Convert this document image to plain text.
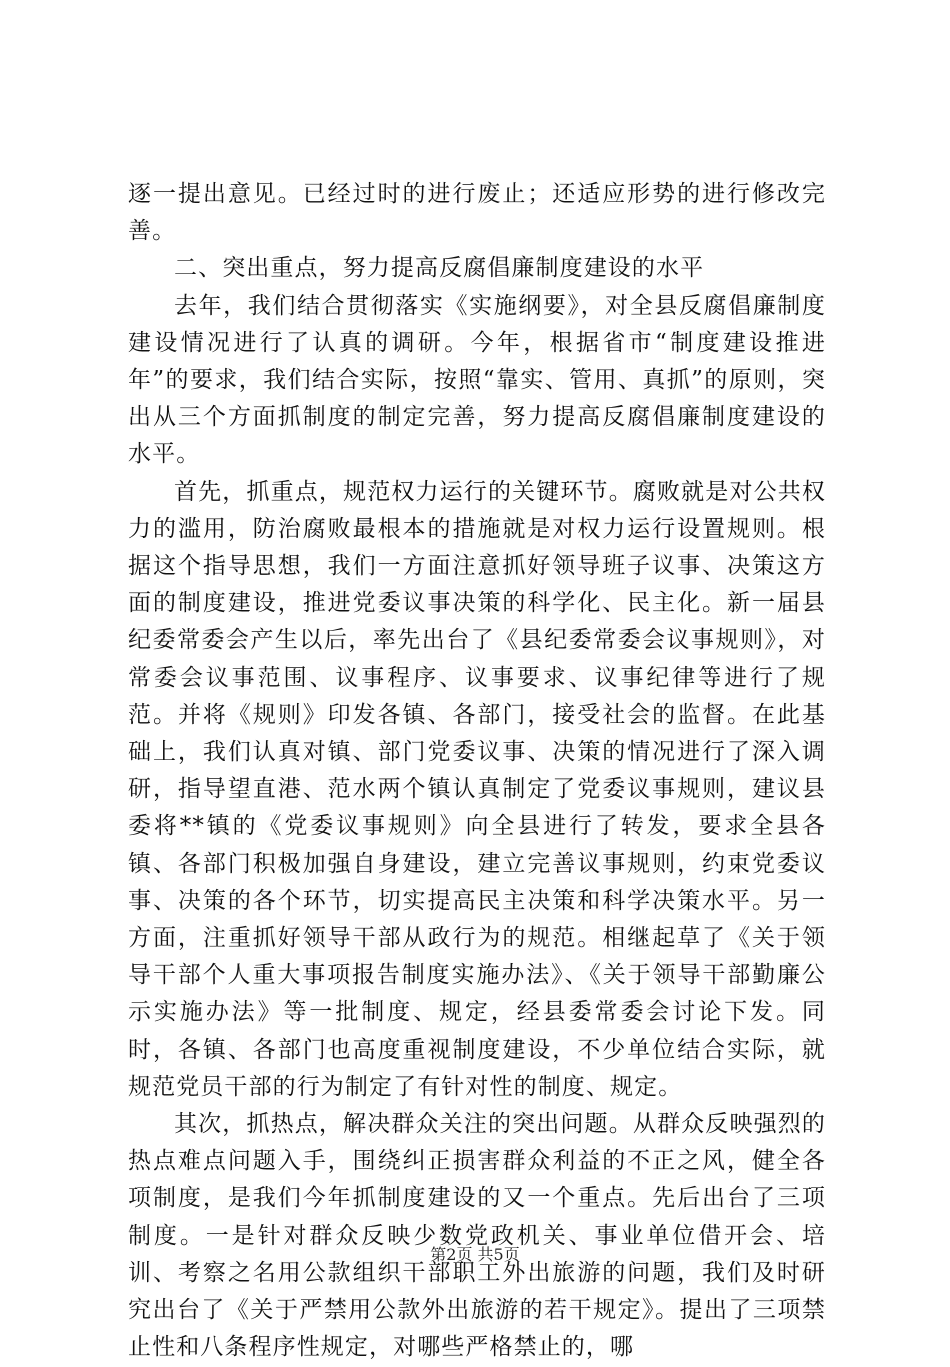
逐一提出意见。已经过时的进行废止；还适应形势的进行修改完善。

二、突出重点，努力提高反腐倡廉制度建设的水平

去年，我们结合贯彻落实《实施纲要》，对全县反腐倡廉制度建设情况进行了认真的调研。今年，根据省市“制度建设推进年”的要求，我们结合实际，按照“靠实、管用、真抓”的原则，突出从三个方面抓制度的制定完善，努力提高反腐倡廉制度建设的水平。

首先，抓重点，规范权力运行的关键环节。腐败就是对公共权力的滥用，防治腐败最根本的措施就是对权力运行设置规则。根据这个指导思想，我们一方面注意抓好领导班子议事、决策这方面的制度建设，推进党委议事决策的科学化、民主化。新一届县纪委常委会产生以后，率先出台了《县纪委常委会议事规则》，对常委会议事范围、议事程序、议事要求、议事纪律等进行了规范。并将《规则》印发各镇、各部门，接受社会的监督。在此基础上，我们认真对镇、部门党委议事、决策的情况进行了深入调研，指导望直港、范水两个镇认真制定了党委议事规则，建议县委将**镇的《党委议事规则》向全县进行了转发，要求全县各镇、各部门积极加强自身建设，建立完善议事规则，约束党委议事、决策的各个环节，切实提高民主决策和科学决策水平。另一方面，注重抓好领导干部从政行为的规范。相继起草了《关于领导干部个人重大事项报告制度实施办法》、《关于领导干部勤廉公示实施办法》等一批制度、规定，经县委常委会讨论下发。同时，各镇、各部门也高度重视制度建设，不少单位结合实际，就规范党员干部的行为制定了有针对性的制度、规定。

其次，抓热点，解决群众关注的突出问题。从群众反映强烈的热点难点问题入手，围绕纠正损害群众利益的不正之风，健全各项制度，是我们今年抓制度建设的又一个重点。先后出台了三项制度。一是针对群众反映少数党政机关、事业单位借开会、培训、考察之名用公款组织干部职工外出旅游的问题，我们及时研究出台了《关于严禁用公款外出旅游的若干规定》。提出了三项禁止性和八条程序性规定，对哪些严格禁止的，哪

第2页 共5页
